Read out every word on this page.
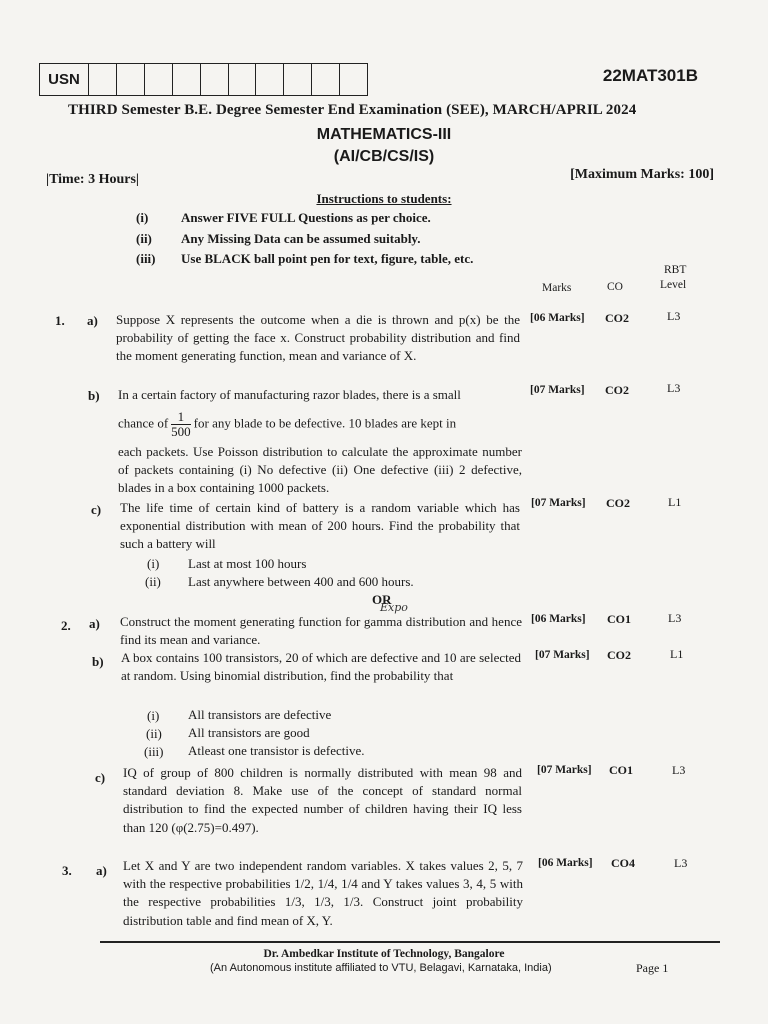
USN	22MAT301B
THIRD Semester B.E. Degree Semester End Examination (SEE), MARCH/APRIL 2024
MATHEMATICS-III
(AI/CB/CS/IS)
|Time: 3 Hours|	[Maximum Marks: 100]
Instructions to students:
(i)	Answer FIVE FULL Questions as per choice.
(ii) Any Missing Data can be assumed suitably.
(iii) Use BLACK ball point pen for text, figure, table, etc.
Marks	CO
RBT
Level
1. a) Suppose X represents the outcome when a die is thrown and p(x) be the probability of getting the face x. Construct probability distribution and find the moment generating function, mean and variance of X.
[06 Marks] CO2	L3
b) In a certain factory of manufacturing razor blades, there is a small
chance of $\frac{1}{500}$ for any blade to be defective. 10 blades are kept in
each packets. Use Poisson distribution to calculate the approximate number of packets containing (i) No defective (ii) One defective (iii) 2 defective, blades in a box containing 1000 packets.
[07 Marks] CO2	L3
c) The life time of certain kind of battery is a random variable which has exponential distribution with mean of 200 hours. Find the probability that such a battery will
(i) Last at most 100 hours
(ii) Last anywhere between 400 and 600 hours.
[07 Marks] CO2	L1
OR
2. a)
Expo
Construct the moment generating function for gamma distribution and hence find its mean and variance.
[06 Marks] CO1	L3
b) A box contains 100 transistors, 20 of which are defective and 10 are selected at random. Using binomial distribution, find the probability that
(i) All transistors are defective
(ii) All transistors are good
(iii) Atleast one transistor is defective.
[07 Marks] CO2	L1
c) IQ of group of 800 children is normally distributed with mean 98 and standard deviation 8. Make use of the concept of standard normal distribution to find the expected number of children having their IQ less than 120 (φ(2.75)=0.497).
[07 Marks] CO1	L3
3. a) Let X and Y are two independent random variables. X takes values 2, 5, 7 with the respective probabilities 1/2, 1/4, 1/4 and Y takes values 3, 4, 5 with the respective probabilities 1/3, 1/3, 1/3. Construct joint probability distribution table and find mean of X, Y.
[06 Marks] CO4	L3
Dr. Ambedkar Institute of Technology, Bangalore
(An Autonomous institute affiliated to VTU, Belagavi, Karnataka, India)	Page 1
